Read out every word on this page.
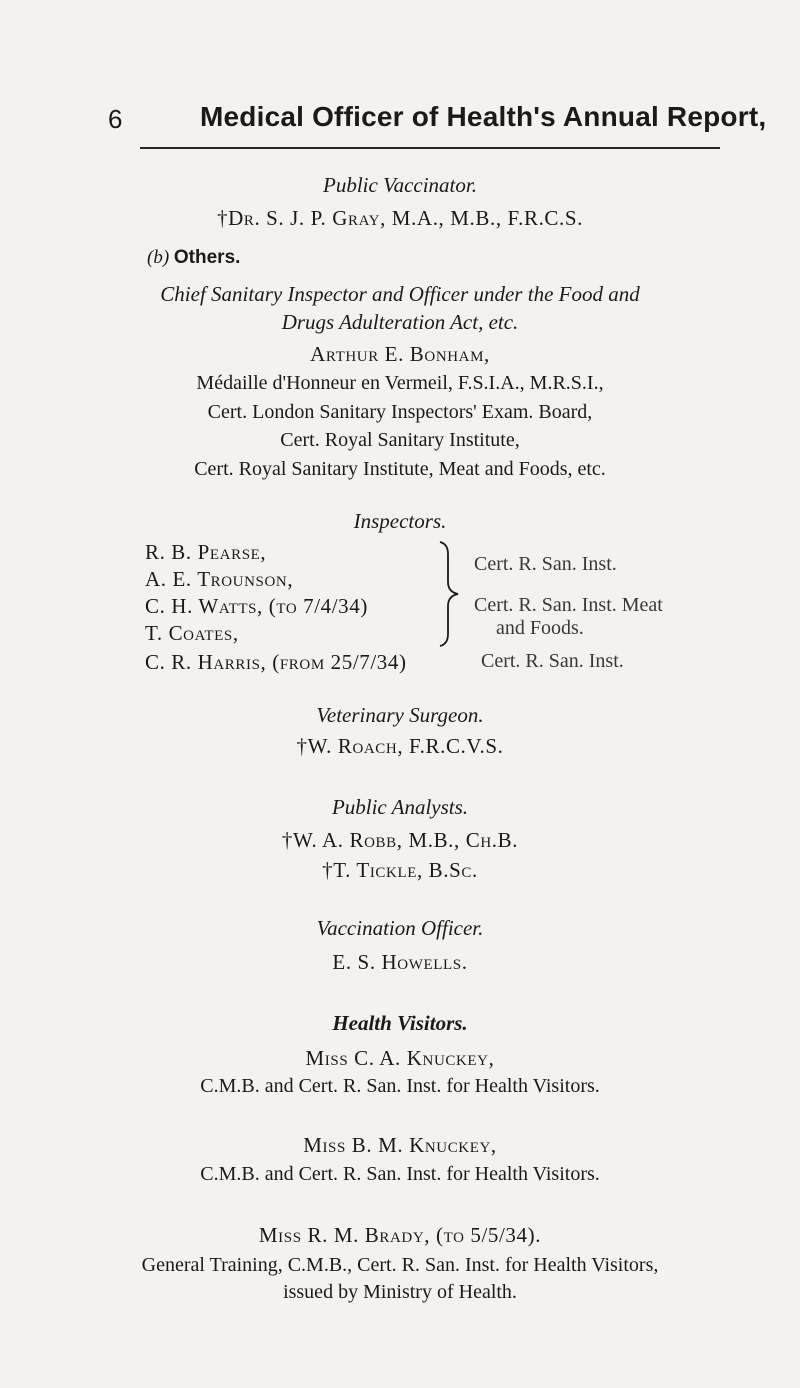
6	Medical Officer of Health's Annual Report,
Public Vaccinator.
†Dr. S. J. P. Gray, M.A., M.B., F.R.C.S.
(b) Others.
Chief Sanitary Inspector and Officer under the Food and
Drugs Adulteration Act, etc.
Arthur E. Bonham,
Médaille d'Honneur en Vermeil, F.S.I.A., M.R.S.I.,
Cert. London Sanitary Inspectors' Exam. Board,
Cert. Royal Sanitary Institute,
Cert. Royal Sanitary Institute, Meat and Foods, etc.
Inspectors.
R. B. Pearse,
A. E. Trounson,
C. H. Watts, (to 7/4/34)
T. Coates,
Cert. R. San. Inst.
Cert. R. San. Inst. Meat
and Foods.
C. R. Harris, (from 25/7/34)	Cert. R. San. Inst.
Veterinary Surgeon.
†W. Roach, F.R.C.V.S.
Public Analysts.
†W. A. Robb, M.B., Ch.B.
†T. Tickle, B.Sc.
Vaccination Officer.
E. S. Howells.
Health Visitors.
Miss C. A. Knuckey,
C.M.B. and Cert. R. San. Inst. for Health Visitors.
Miss B. M. Knuckey,
C.M.B. and Cert. R. San. Inst. for Health Visitors.
Miss R. M. Brady, (to 5/5/34).
General Training, C.M.B., Cert. R. San. Inst. for Health Visitors,
issued by Ministry of Health.
